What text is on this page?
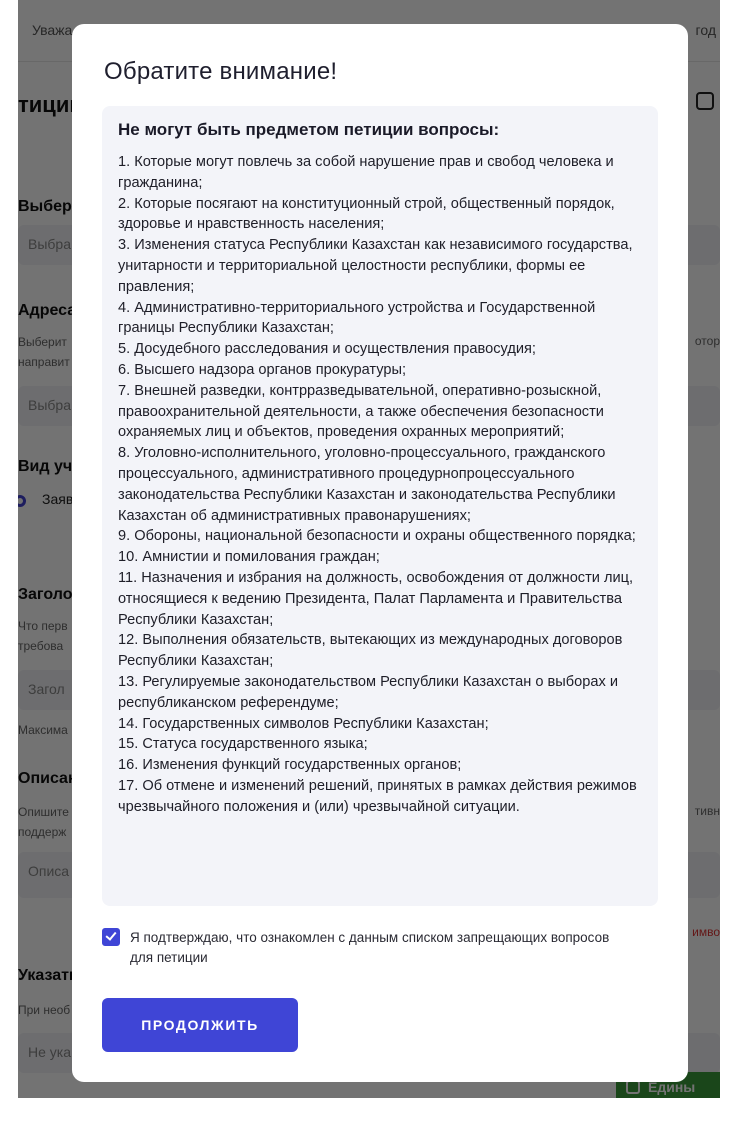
Обратите внимание!
Не могут быть предметом петиции вопросы:
1. Которые могут повлечь за собой нарушение прав и свобод человека и гражданина;
2. Которые посягают на конституционный строй, общественный порядок, здоровье и нравственность населения;
3. Изменения статуса Республики Казахстан как независимого государства, унитарности и территориальной целостности республики, формы ее правления;
4. Административно-территориального устройства и Государственной границы Республики Казахстан;
5. Досудебного расследования и осуществления правосудия;
6. Высшего надзора органов прокуратуры;
7. Внешней разведки, контрразведывательной, оперативно-розыскной, правоохранительной деятельности, а также обеспечения безопасности охраняемых лиц и объектов, проведения охранных мероприятий;
8. Уголовно-исполнительного, уголовно-процессуального, гражданского процессуального, административного процедурнопроцессуального законодательства Республики Казахстан и законодательства Республики Казахстан об административных правонарушениях;
9. Обороны, национальной безопасности и охраны общественного порядка;
10. Амнистии и помилования граждан;
11. Назначения и избрания на должность, освобождения от должности лиц, относящиеся к ведению Президента, Палат Парламента и Правительства Республики Казахстан;
12. Выполнения обязательств, вытекающих из международных договоров Республики Казахстан;
13. Регулируемые законодательством Республики Казахстан о выборах и республиканском референдуме;
14. Государственных символов Республики Казахстан;
15. Статуса государственного языка;
16. Изменения функций государственных органов;
17. Об отмене и изменений решений, принятых в рамках действия режимов чрезвычайного положения и (или) чрезвычайной ситуации.
Я подтверждаю, что ознакомлен с данным списком запрещающих вопросов для петиции
ПРОДОЛЖИТЬ
